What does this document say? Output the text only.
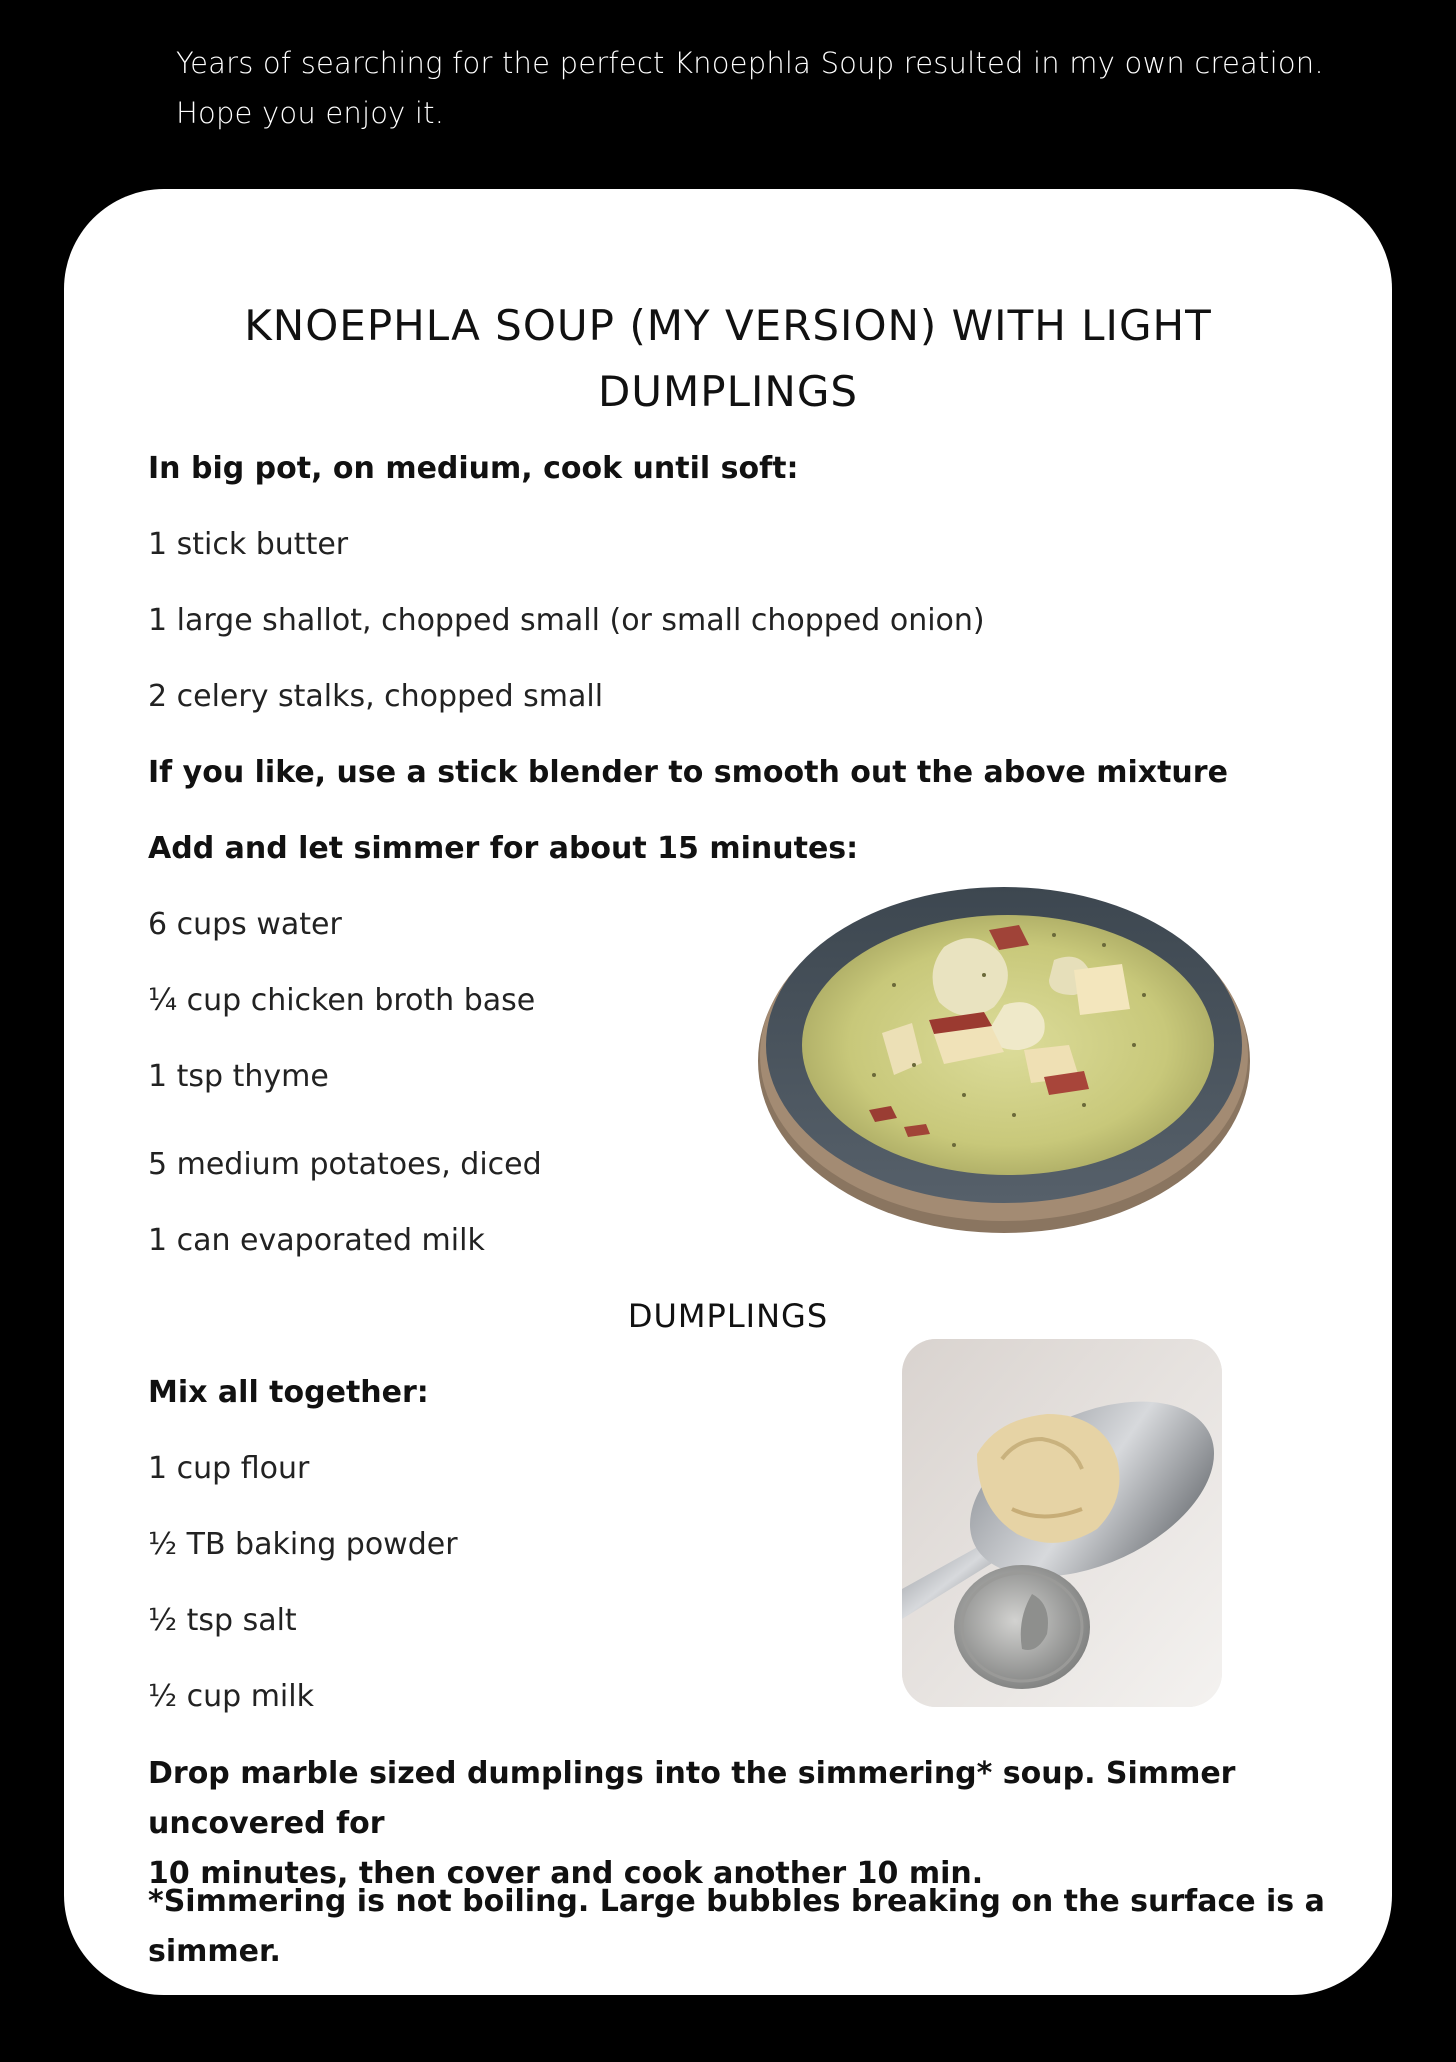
Years of searching for the perfect Knoephla Soup resulted in my own creation.

Hope you enjoy it.

KNOEPHLA SOUP (MY VERSION) WITH LIGHT
DUMPLINGS
In big pot, on medium, cook until soft:
1 stick butter
1 large shallot, chopped small (or small chopped onion)
2 celery stalks, chopped small
If you like, use a stick blender to smooth out the above mixture
Add and let simmer for about 15 minutes:
6 cups water
¼ cup chicken broth base
1 tsp thyme
5 medium potatoes, diced
1 can evaporated milk
DUMPLINGS
Mix all together:
1 cup flour
½ TB baking powder
½ tsp salt
½ cup milk
Drop marble sized dumplings into the simmering* soup. Simmer uncovered for
10 minutes, then cover and cook another 10 min.
*Simmering is not boiling. Large bubbles breaking on the surface is a simmer.
